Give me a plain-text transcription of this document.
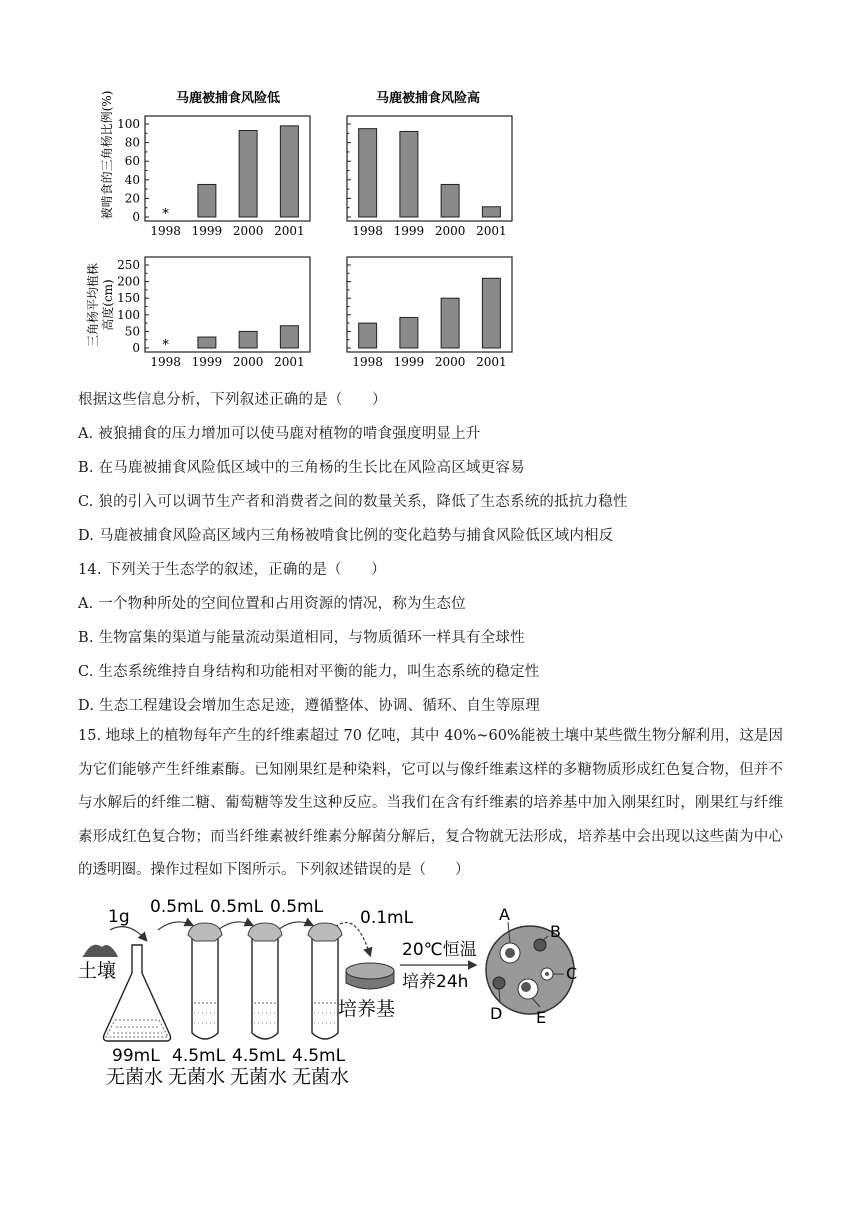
马鹿被捕食风险低	马鹿被捕食风险高
被啃食的三角杨比例(%)
三角杨平均植株 高度(cm)
0
20
40
60
80
100
*
1998 1999 2000 2001	1998 1999 2000 2001
0
50
100
150
200
250
*
1998 1999 2000 2001	1998 1999 2000 2001
根据这些信息分析，下列叙述正确的是（　　）
A. 被狼捕食的压力增加可以使马鹿对植物的啃食强度明显上升
B. 在马鹿被捕食风险低区域中的三角杨的生长比在风险高区域更容易
C. 狼的引入可以调节生产者和消费者之间的数量关系，降低了生态系统的抵抗力稳性
D. 马鹿被捕食风险高区域内三角杨被啃食比例的变化趋势与捕食风险低区域内相反
14. 下列关于生态学的叙述，正确的是（　　）
A. 一个物种所处的空间位置和占用资源的情况，称为生态位
B. 生物富集的渠道与能量流动渠道相同，与物质循环一样具有全球性
C. 生态系统维持自身结构和功能相对平衡的能力，叫生态系统的稳定性
D. 生态工程建设会增加生态足迹，遵循整体、协调、循环、自生等原理
15. 地球上的植物每年产生的纤维素超过 70 亿吨，其中 40%~60%能被土壤中某些微生物分解利用，这是因为它们能够产生纤维素酶。已知刚果红是种染料，它可以与像纤维素这样的多糖物质形成红色复合物，但并不与水解后的纤维二糖、葡萄糖等发生这种反应。当我们在含有纤维素的培养基中加入刚果红时，刚果红与纤维素形成红色复合物；而当纤维素被纤维素分解菌分解后，复合物就无法形成，培养基中会出现以这些菌为中心的透明圈。操作过程如下图所示。下列叙述错误的是（　　）
1g 0.5mL 0.5mL 0.5mL
0.1mL
土壤
培养基
20℃恒温
培养24h
A
B
C
D E
99mL
无菌水
4.5mL
无菌水
4.5mL
无菌水
4.5mL
无菌水
